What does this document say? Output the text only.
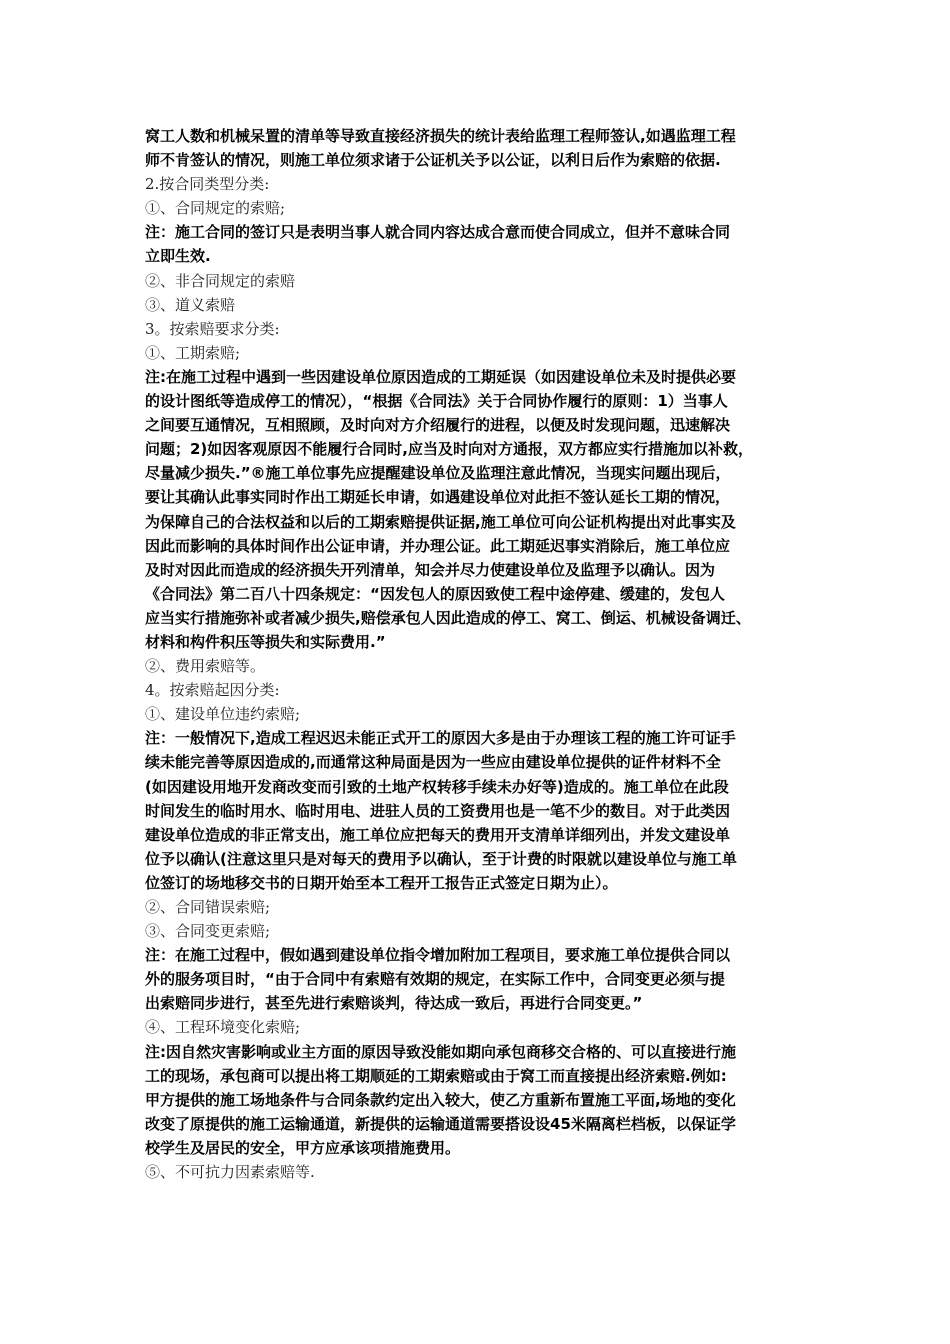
窝工人数和机械呆置的清单等导致直接经济损失的统计表给监理工程师签认,如遇监理工程
师不肯签认的情况，则施工单位须求诸于公证机关予以公证，以利日后作为索赔的依据.
2.按合同类型分类:
①、合同规定的索赔;
注：施工合同的签订只是表明当事人就合同内容达成合意而使合同成立，但并不意味合同
立即生效.
②、非合同规定的索赔
③、道义索赔
3。按索赔要求分类:
①、工期索赔;
注:在施工过程中遇到一些因建设单位原因造成的工期延误（如因建设单位未及时提供必要
的设计图纸等造成停工的情况），“根据《合同法》关于合同协作履行的原则：1）当事人
之间要互通情况，互相照顾，及时向对方介绍履行的进程，以便及时发现问题，迅速解决
问题；2)如因客观原因不能履行合同时,应当及时向对方通报，双方都应实行措施加以补救，
尽量减少损失.”®施工单位事先应提醒建设单位及监理注意此情况，当现实问题出现后，
要让其确认此事实同时作出工期延长申请，如遇建设单位对此拒不签认延长工期的情况，
为保障自己的合法权益和以后的工期索赔提供证据,施工单位可向公证机构提出对此事实及
因此而影响的具体时间作出公证申请，并办理公证。此工期延迟事实消除后，施工单位应
及时对因此而造成的经济损失开列清单，知会并尽力使建设单位及监理予以确认。因为
《合同法》第二百八十四条规定：“因发包人的原因致使工程中途停建、缓建的，发包人
应当实行措施弥补或者减少损失,赔偿承包人因此造成的停工、窝工、倒运、机械设备调迁、
材料和构件积压等损失和实际费用.”
②、费用索赔等。
4。按索赔起因分类:
①、建设单位违约索赔;
注：一般情况下,造成工程迟迟未能正式开工的原因大多是由于办理该工程的施工许可证手
续未能完善等原因造成的,而通常这种局面是因为一些应由建设单位提供的证件材料不全
(如因建设用地开发商改变而引致的土地产权转移手续未办好等)造成的。施工单位在此段
时间发生的临时用水、临时用电、进驻人员的工资费用也是一笔不少的数目。对于此类因
建设单位造成的非正常支出，施工单位应把每天的费用开支清单详细列出，并发文建设单
位予以确认(注意这里只是对每天的费用予以确认，至于计费的时限就以建设单位与施工单
位签订的场地移交书的日期开始至本工程开工报告正式签定日期为止）。
②、合同错误索赔;
③、合同变更索赔;
注：在施工过程中，假如遇到建设单位指令增加附加工程项目，要求施工单位提供合同以
外的服务项目时，“由于合同中有索赔有效期的规定，在实际工作中，合同变更必须与提
出索赔同步进行，甚至先进行索赔谈判，待达成一致后，再进行合同变更。”
④、工程环境变化索赔;
注:因自然灾害影响或业主方面的原因导致没能如期向承包商移交合格的、可以直接进行施
工的现场，承包商可以提出将工期顺延的工期索赔或由于窝工而直接提出经济索赔.例如:
甲方提供的施工场地条件与合同条款约定出入较大，使乙方重新布置施工平面,场地的变化
改变了原提供的施工运输通道，新提供的运输通道需要搭设设45米隔离栏档板，以保证学
校学生及居民的安全，甲方应承该项措施费用。
⑤、不可抗力因素索赔等.
